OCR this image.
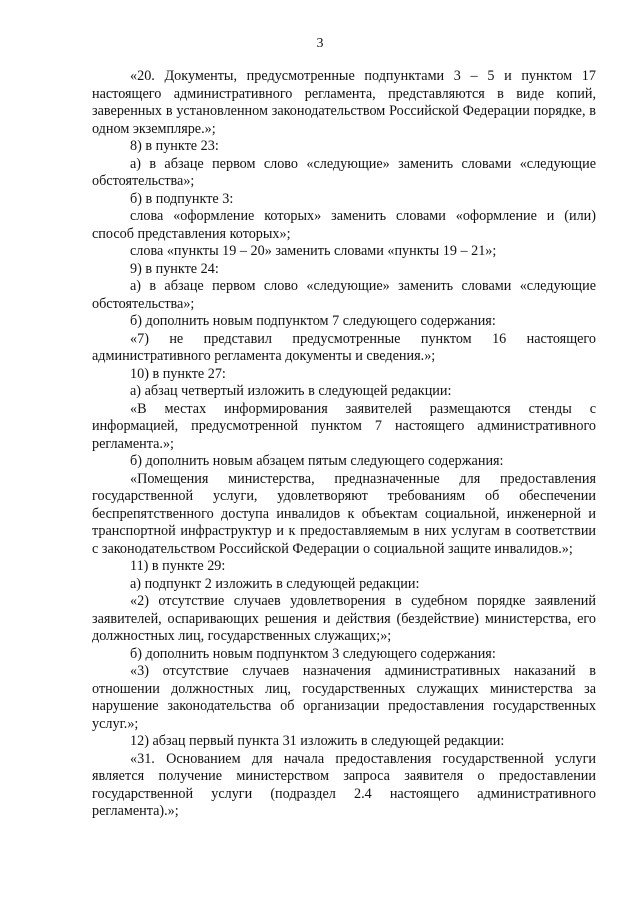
3

«20. Документы, предусмотренные подпунктами 3 – 5 и пунктом 17 настоящего административного регламента, представляются в виде копий, заверенных в установленном законодательством Российской Федерации порядке, в одном экземпляре.»;

8) в пункте 23:

а) в абзаце первом слово «следующие» заменить словами «следующие обстоятельства»;

б) в подпункте 3:

слова «оформление которых» заменить словами «оформление и (или) способ представления которых»;

слова «пункты 19 – 20» заменить словами «пункты 19 – 21»;

9) в пункте 24:

а) в абзаце первом слово «следующие» заменить словами «следующие обстоятельства»;

б) дополнить новым подпунктом 7 следующего содержания:

«7) не представил предусмотренные пунктом 16 настоящего административного регламента документы и сведения.»;

10) в пункте 27:

а) абзац четвертый изложить в следующей редакции:

«В местах информирования заявителей размещаются стенды с информацией, предусмотренной пунктом 7 настоящего административного регламента.»;

б) дополнить новым абзацем пятым следующего содержания:

«Помещения министерства, предназначенные для предоставления государственной услуги, удовлетворяют требованиям об обеспечении беспрепятственного доступа инвалидов к объектам социальной, инженерной и транспортной инфраструктур и к предоставляемым в них услугам в соответствии с законодательством Российской Федерации о социальной защите инвалидов.»;

11) в пункте 29:

а) подпункт 2 изложить в следующей редакции:

«2) отсутствие случаев удовлетворения в судебном порядке заявлений заявителей, оспаривающих решения и действия (бездействие) министерства, его должностных лиц, государственных служащих;»;

б) дополнить новым подпунктом 3 следующего содержания:

«3) отсутствие случаев назначения административных наказаний в отношении должностных лиц, государственных служащих министерства за нарушение законодательства об организации предоставления государственных услуг.»;

12) абзац первый пункта 31 изложить в следующей редакции:

«31. Основанием для начала предоставления государственной услуги является получение министерством запроса заявителя о предоставлении государственной услуги (подраздел 2.4 настоящего административного регламента).»;
